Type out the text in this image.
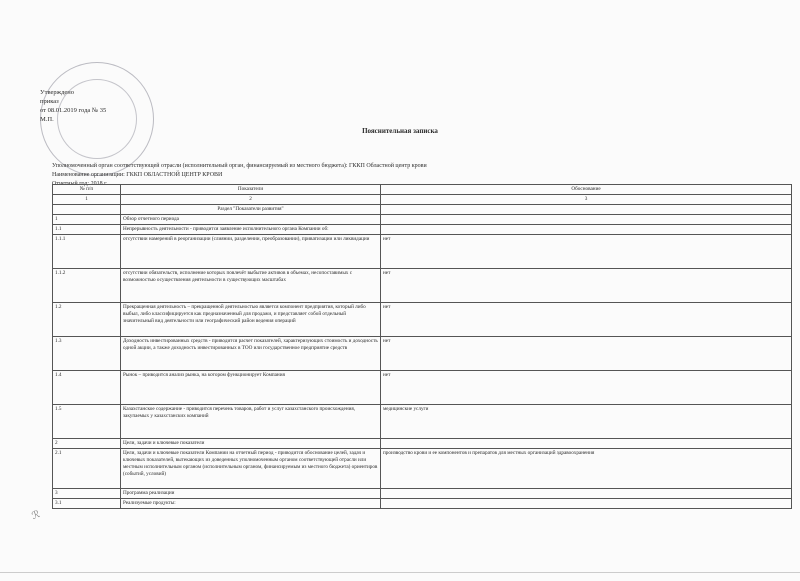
Утверждено
приказ
от 08.01.2019 года № 35
М.П.
Пояснительная записка
Уполномоченный орган соответствующей отрасли (исполнительный орган, финансируемый из местного бюджета): ГККП Областной центр крови
Наименование организации: ГККП ОБЛАСТНОЙ ЦЕНТР КРОВИ
Отчетный год: 2018 г.
№ п/п	Показатели	Обоснование
1	2	3
	Раздел "Показатели развития"	
1	Обзор отчетного периода	
1.1	Непрерывность деятельности - приводится заявление исполнительного органа Компании об:	
1.1.1	отсутствии намерений в реорганизации (слиянии, разделении, преобразовании), приватизации или ликвидации	нет
1.1.2	отсутствии обязательств, исполнение которых повлечёт выбытие активов в объемах, несопоставимых с возможностью осуществления деятельности в существующих масштабах	нет
1.2	Прекращенная деятельность – прекращенной деятельностью является компонент предприятия, который либо выбыл, либо классифицируется как предназначенный для продажи, и представляет собой отдельный значительный вид деятельности или географический район ведения операций	нет
1.3	Доходность инвестированных средств - приводится расчет показателей, характеризующих стоимость и доходность одной акции, а также доходность инвестированных в ТОО или государственное предприятие средств	нет
1.4	Рынок – приводится анализ рынка, на котором функционирует Компания	нет
1.5	Казахстанское содержание - приводится перечень товаров, работ и услуг казахстанского происхождения, закупаемых у казахстанских компаний	медицинские услуги
2	Цели, задачи и ключевые показатели	
2.1	Цели, задачи и ключевые показатели Компании на отчетный период - приводится обоснование целей, задач и ключевых показателей, вытекающих из доведенных уполномоченным органом соответствующей отрасли или местным исполнительным органом (исполнительным органом, финансируемым из местного бюджета) ориентиров (событий, условий)	производство крови и ее компонентов и препаратов для местных организаций здравоохранения
3	Программа реализации	
3.1	Реализуемые продукты:	
ℛ
